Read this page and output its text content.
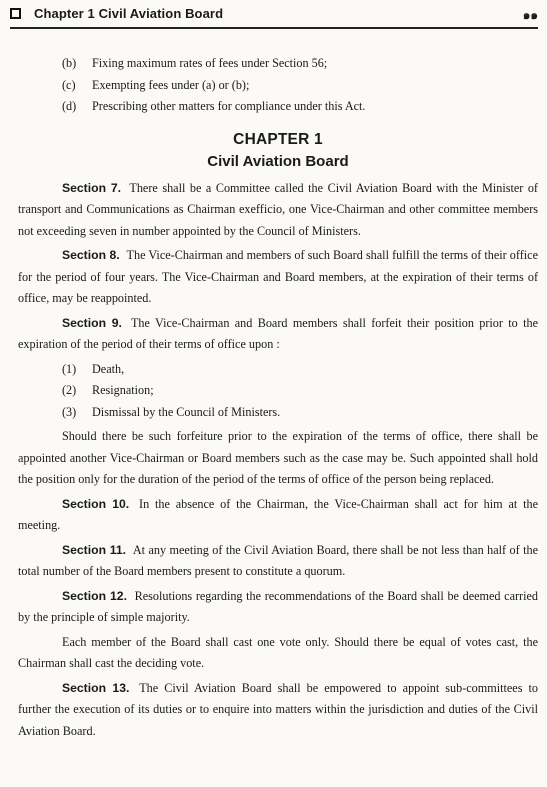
Chapter 1 Civil Aviation Board	๑๑
(b)	Fixing maximum rates of fees under Section 56;
(c)	Exempting fees under (a) or (b);
(d)	Prescribing other matters for compliance under this Act.
CHAPTER 1
Civil Aviation Board

Section 7. There shall be a Committee called the Civil Aviation Board with the Minister of transport and Communications as Chairman exefficio, one Vice-Chairman and other committee members not exceeding seven in number appointed by the Council of Ministers.

Section 8. The Vice-Chairman and members of such Board shall fulfill the terms of their office for the period of four years. The Vice-Chairman and Board members, at the expiration of their terms of office, may be reappointed.

Section 9. The Vice-Chairman and Board members shall forfeit their position prior to the expiration of the period of their terms of office upon :

(1)	Death,
(2)	Resignation;
(3)	Dismissal by the Council of Ministers.

Should there be such forfeiture prior to the expiration of the terms of office, there shall be appointed another Vice-Chairman or Board members such as the case may be. Such appointed shall hold the position only for the duration of the period of the terms of office of the person being replaced.

Section 10. In the absence of the Chairman, the Vice-Chairman shall act for him at the meeting.

Section 11. At any meeting of the Civil Aviation Board, there shall be not less than half of the total number of the Board members present to constitute a quorum.

Section 12. Resolutions regarding the recommendations of the Board shall be deemed carried by the principle of simple majority.

Each member of the Board shall cast one vote only. Should there be equal of votes cast, the Chairman shall cast the deciding vote.

Section 13. The Civil Aviation Board shall be empowered to appoint sub-committees to further the execution of its duties or to enquire into matters within the jurisdiction and duties of the Civil Aviation Board.
